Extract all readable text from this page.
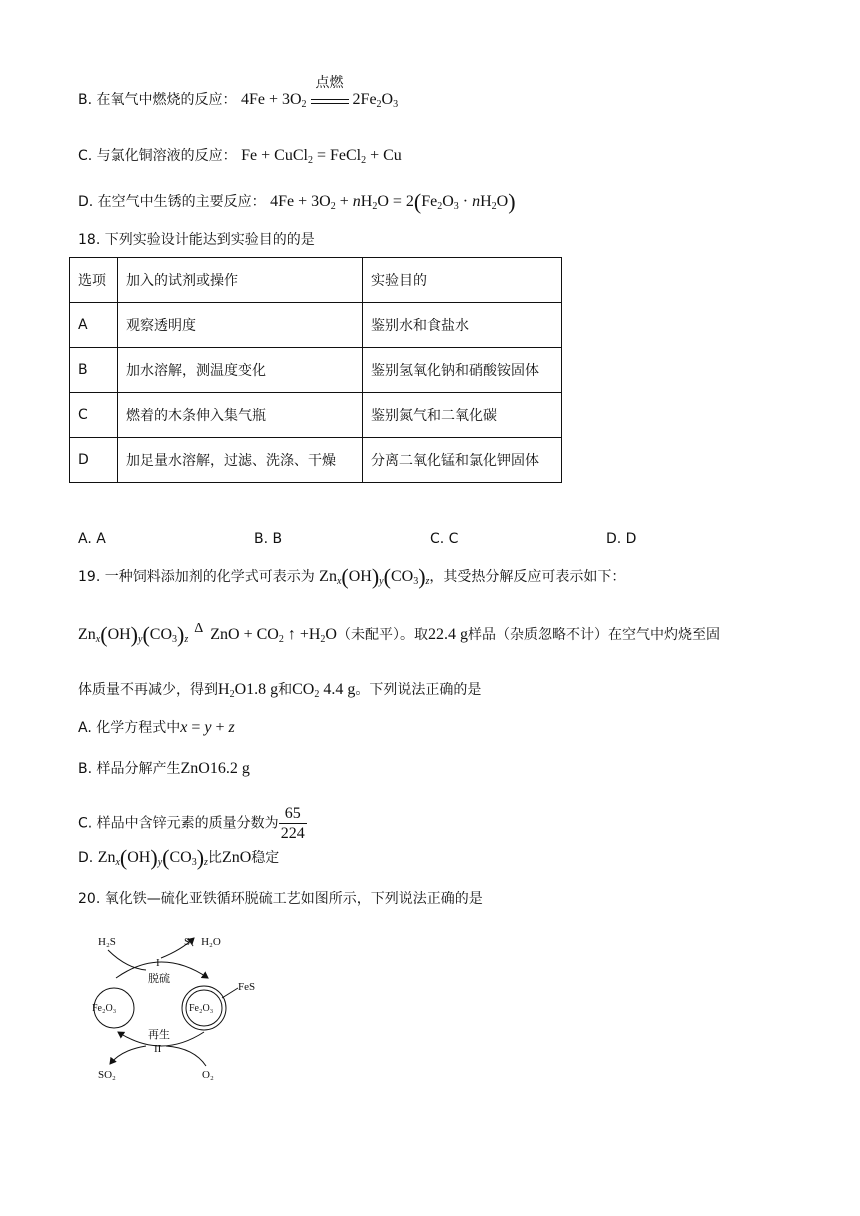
B. 在氧气中燃烧的反应： $4Fe + 3O_2$
点燃
$2Fe_2O_3$
C. 与氯化铜溶液的反应： Fe + CuCl$_2$ = FeCl$_2$ + Cu
D. 在空气中生锈的主要反应： $4Fe + 3O_2 + nH_2O = 2(Fe_2O_3 \cdot nH_2O)$
18. 下列实验设计能达到实验目的的是
选项	加入的试剂或操作	实验目的
A	观察透明度	鉴别水和食盐水
B	加水溶解，测温度变化	鉴别氢氧化钠和硝酸铵固体
C	燃着的木条伸入集气瓶	鉴别氮气和二氧化碳
D	加足量水溶解，过滤、洗涤、干燥	分离二氧化锰和氯化钾固体
A. A	B. B	C. C	D. D
19. 一种饲料添加剂的化学式可表示为 $Zn_x(OH)_y(CO_3)_z$，其受热分解反应可表示如下：
$Zn_x(OH)_y(CO_3)_z$
Δ ZnO + $CO_2$ ↑ $+H_2O$（未配平）。取22.4 g样品（杂质忽略不计）在空气中灼烧至固
体质量不再减少，得到$H_2O1.8$ g和$CO_2$ 4.4 g。下列说法正确的是
A. 化学方程式中x = y + z
B. 样品分解产生ZnO16.2 g
C. 样品中含锌元素的质量分数为 $\frac{65}{224}$
D. $Zn_x(OH)_y(CO_3)_z$比ZnO稳定
20. 氧化铁—硫化亚铁循环脱硫工艺如图所示，下列说法正确的是
H₂S	S、H₂O
I
脱硫
Fe₂O₃	Fe₂O₃
FeS
再生
II
SO₂	O₂
